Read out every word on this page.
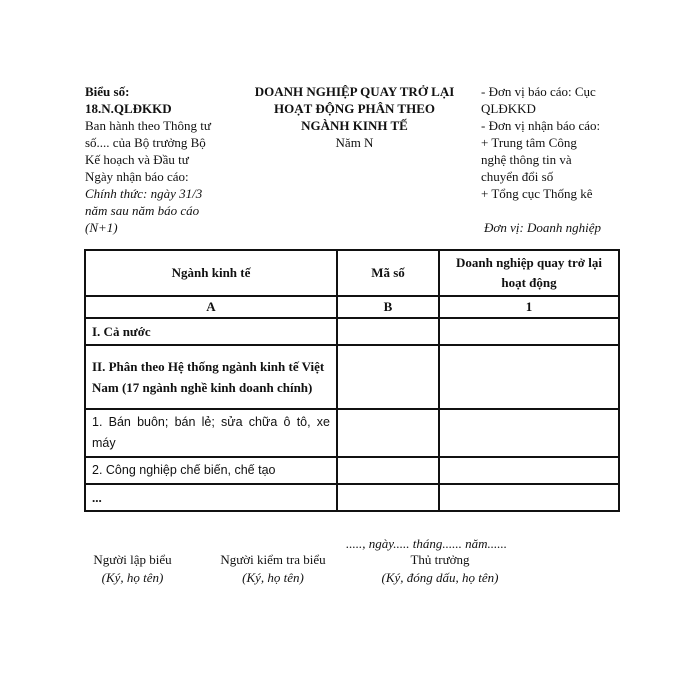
Biểu số:
18.N.QLĐKKD
Ban hành theo Thông tư
số.... của Bộ trưởng Bộ
Kế hoạch và Đầu tư
Ngày nhận báo cáo:
Chính thức: ngày 31/3
năm sau năm báo cáo
(N+1)
DOANH NGHIỆP QUAY TRỞ LẠI
HOẠT ĐỘNG PHÂN THEO
NGÀNH KINH TẾ
Năm N
- Đơn vị báo cáo: Cục
QLĐKKD
- Đơn vị nhận báo cáo:
+ Trung tâm Công
nghệ thông tin và
chuyển đổi số
+ Tổng cục Thống kê
Đơn vị: Doanh nghiệp
Ngành kinh tế	Mã số	Doanh nghiệp quay trở lại hoạt động
A	B	1
I. Cả nước		
II. Phân theo Hệ thống ngành kinh tế Việt Nam (17 ngành nghề kinh doanh chính)		
1. Bán buôn; bán lẻ; sửa chữa ô tô, xe máy		
2. Công nghiệp chế biến, chế tạo		
...		
....., ngày..... tháng...... năm......
Người lập biểu
(Ký, họ tên)
Người kiểm tra biểu
(Ký, họ tên)
Thủ trưởng
(Ký, đóng dấu, họ tên)
